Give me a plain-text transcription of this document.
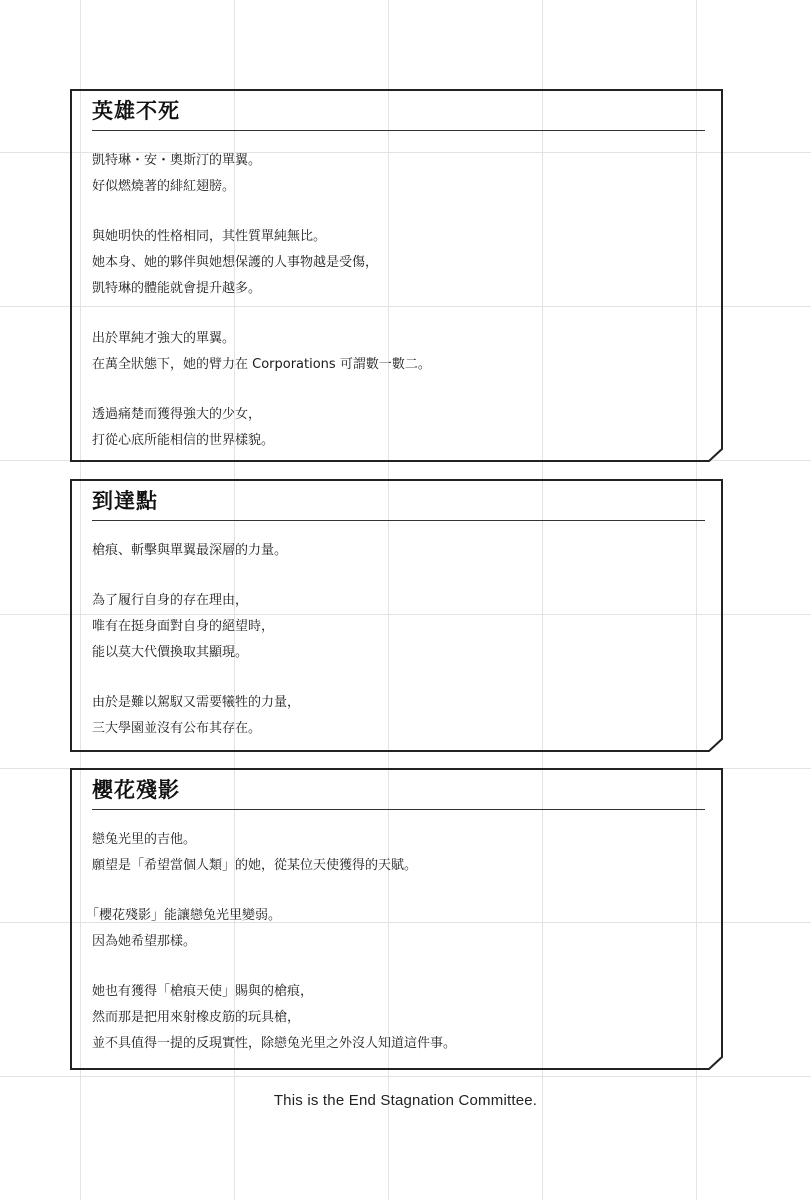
英雄不死
凱特琳・安・奧斯汀的單翼。
好似燃燒著的緋紅翅膀。
與她明快的性格相同，其性質單純無比。
她本身、她的夥伴與她想保護的人事物越是受傷，
凱特琳的體能就會提升越多。
出於單純才強大的單翼。
在萬全狀態下，她的臂力在 Corporations 可謂數一數二。
透過痛楚而獲得強大的少女，
打從心底所能相信的世界樣貌。
到達點
槍痕、斬擊與單翼最深層的力量。
為了履行自身的存在理由，
唯有在挺身面對自身的絕望時，
能以莫大代價換取其顯現。
由於是難以駕馭又需要犧牲的力量，
三大學園並沒有公布其存在。
櫻花殘影
戀兔光里的吉他。
願望是「希望當個人類」的她，從某位天使獲得的天賦。
「櫻花殘影」能讓戀兔光里變弱。
因為她希望那樣。
她也有獲得「槍痕天使」賜與的槍痕，
然而那是把用來射橡皮筋的玩具槍，
並不具值得一提的反現實性，除戀兔光里之外沒人知道這件事。
This is the End Stagnation Committee.
